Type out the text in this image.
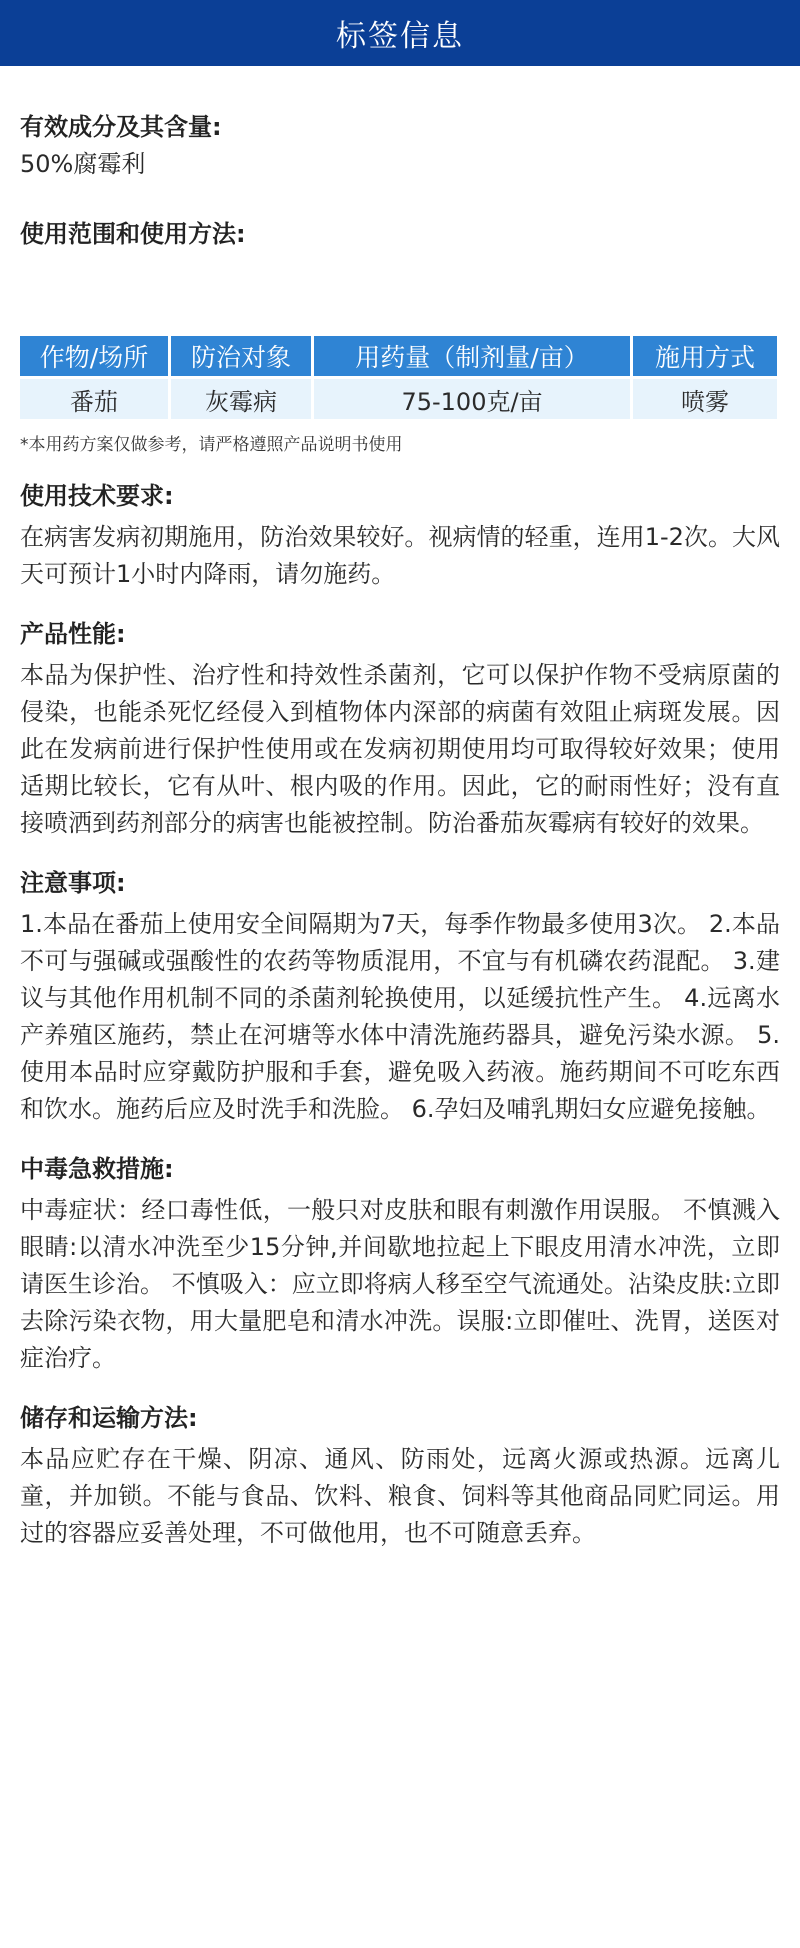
标签信息
有效成分及其含量:
50%腐霉利
使用范围和使用方法:
作物/场所	防治对象	用药量（制剂量/亩）	施用方式
番茄	灰霉病	75-100克/亩	喷雾
*本用药方案仅做参考，请严格遵照产品说明书使用
使用技术要求:
在病害发病初期施用，防治效果较好。视病情的轻重，连用1-2次。大风天可预计1小时内降雨，请勿施药。
产品性能:
本品为保护性、治疗性和持效性杀菌剂，它可以保护作物不受病原菌的侵染，也能杀死忆经侵入到植物体内深部的病菌有效阻止病斑发展。因此在发病前进行保护性使用或在发病初期使用均可取得较好效果；使用适期比较长，它有从叶、根内吸的作用。因此，它的耐雨性好；没有直接喷洒到药剂部分的病害也能被控制。防治番茄灰霉病有较好的效果。
注意事项:
1.本品在番茄上使用安全间隔期为7天，每季作物最多使用3次。 2.本品不可与强碱或强酸性的农药等物质混用，不宜与有机磷农药混配。 3.建议与其他作用机制不同的杀菌剂轮换使用，以延缓抗性产生。 4.远离水产养殖区施药，禁止在河塘等水体中清洗施药器具，避免污染水源。 5.使用本品时应穿戴防护服和手套，避免吸入药液。施药期间不可吃东西和饮水。施药后应及时洗手和洗脸。 6.孕妇及哺乳期妇女应避免接触。
中毒急救措施:
中毒症状：经口毒性低，一般只对皮肤和眼有刺激作用误服。 不慎溅入眼睛:以清水冲洗至少15分钟,并间歇地拉起上下眼皮用清水冲洗，立即请医生诊治。 不慎吸入：应立即将病人移至空气流通处。沾染皮肤:立即去除污染衣物，用大量肥皂和清水冲洗。误服:立即催吐、洗胃，送医对症治疗。
储存和运输方法:
本品应贮存在干燥、阴凉、通风、防雨处，远离火源或热源。远离儿童，并加锁。不能与食品、饮料、粮食、饲料等其他商品同贮同运。用过的容器应妥善处理，不可做他用，也不可随意丢弃。
